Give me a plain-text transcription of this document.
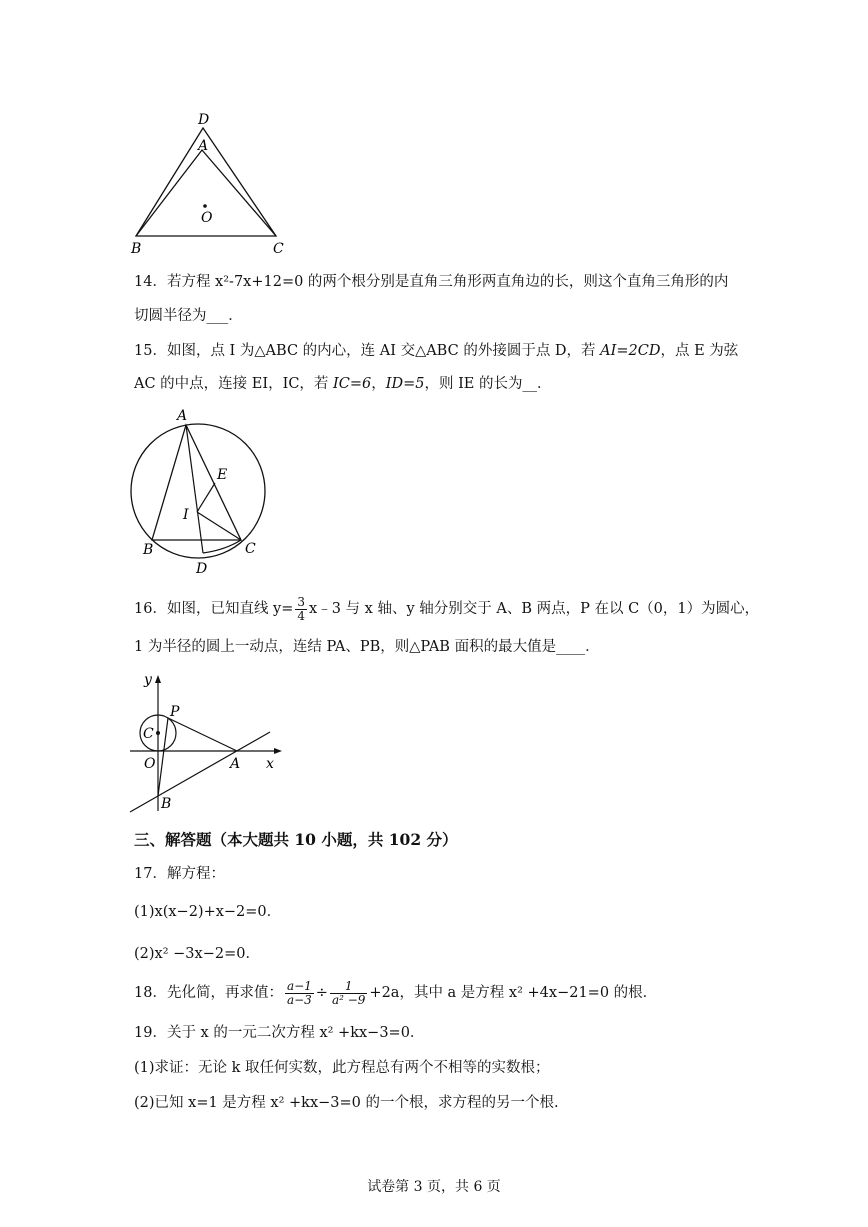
D
A
O
B	C
14．若方程 x²-7x+12=0 的两个根分别是直角三角形两直角边的长，则这个直角三角形的内
切圆半径为___．
15．如图，点 I 为△ABC 的内心，连 AI 交△ABC 的外接圆于点 D，若 AI=2CD，点 E 为弦
AC 的中点，连接 EI，IC，若 IC=6，ID=5，则 IE 的长为__．
A
E
I
B	C
D
16．如图，已知直线 $y= \frac{3}{4}$ x﹣3 与 x 轴、y 轴分别交于 A、B 两点，P 在以 C（0，1）为圆心，
1 为半径的圆上一动点，连结 PA、PB，则△PAB 面积的最大值是____．
y
P
C
O	A x
B
三、解答题（本大题共 10 小题，共 102 分）
17．解方程：
(1)x(x−2)+x−2=0．
(2)x² −3x−2=0．
18．先化简，再求值： $\frac{a-1}{a-3} \div \frac{1}{\text{a² −9}} +2a$，其中 a 是方程 x² +4x−21=0 的根．
19．关于 x 的一元二次方程 x² +kx−3=0．
(1)求证：无论 k 取任何实数，此方程总有两个不相等的实数根；
(2)已知 x=1 是方程 x² +kx−3=0 的一个根，求方程的另一个根.
试卷第 3 页，共 6 页
